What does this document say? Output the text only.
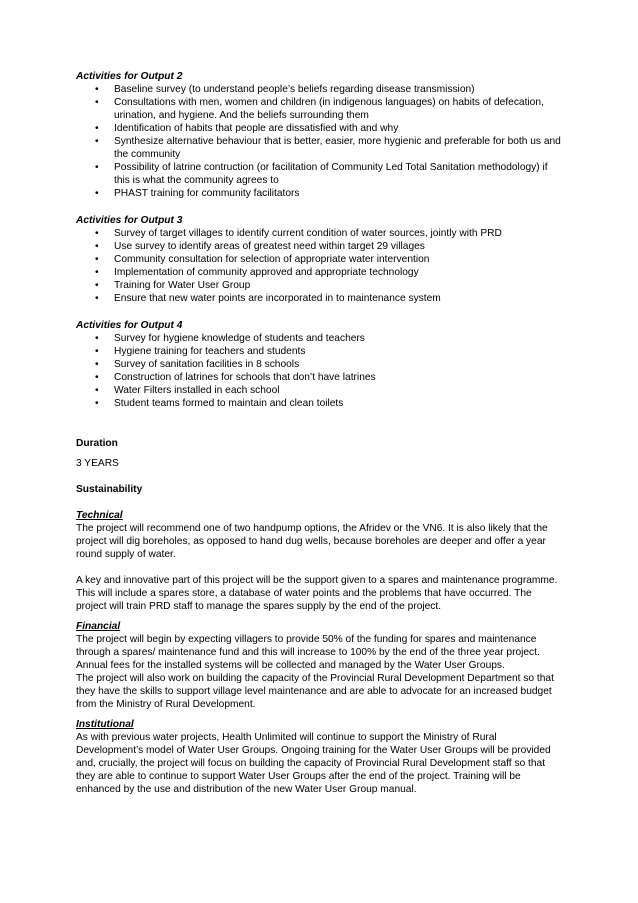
Activities for Output 2
• Baseline survey (to understand people’s beliefs regarding disease transmission)
• Consultations with men, women and children (in indigenous languages) on habits of defecation, urination, and hygiene. And the beliefs surrounding them
• Identification of habits that people are dissatisfied with and why
• Synthesize alternative behaviour that is better, easier, more hygienic and preferable for both us and the community
• Possibility of latrine contruction (or facilitation of Community Led Total Sanitation methodology) if this is what the community agrees to
• PHAST training for community facilitators
Activities for Output 3
• Survey of target villages to identify current condition of water sources, jointly with PRD
• Use survey to identify areas of greatest need within target 29 villages
• Community consultation for selection of appropriate water intervention
• Implementation of community approved and appropriate technology
• Training for Water User Group
• Ensure that new water points are incorporated in to maintenance system
Activities for Output 4
• Survey for hygiene knowledge of students and teachers
• Hygiene training for teachers and students
• Survey of sanitation facilities in 8 schools
• Construction of latrines for schools that don’t have latrines
• Water Filters installed in each school
• Student teams formed to maintain and clean toilets
Duration

3 YEARS

Sustainability
Technical

The project will recommend one of two handpump options, the Afridev or the VN6. It is also likely that the project will dig boreholes, as opposed to hand dug wells, because boreholes are deeper and offer a year round supply of water.

A key and innovative part of this project will be the support given to a spares and maintenance programme. This will include a spares store, a database of water points and the problems that have occurred. The project will train PRD staff to manage the spares supply by the end of the project.

Financial

The project will begin by expecting villagers to provide 50% of the funding for spares and maintenance through a spares/ maintenance fund and this will increase to 100% by the end of the three year project.

Annual fees for the installed systems will be collected and managed by the Water User Groups.

The project will also work on building the capacity of the Provincial Rural Development Department so that they have the skills to support village level maintenance and are able to advocate for an increased budget from the Ministry of Rural Development.

Institutional

As with previous water projects, Health Unlimited will continue to support the Ministry of Rural Development’s model of Water User Groups. Ongoing training for the Water User Groups will be provided and, crucially, the project will focus on building the capacity of Provincial Rural Development staff so that they are able to continue to support Water User Groups after the end of the project. Training will be enhanced by the use and distribution of the new Water User Group manual.
